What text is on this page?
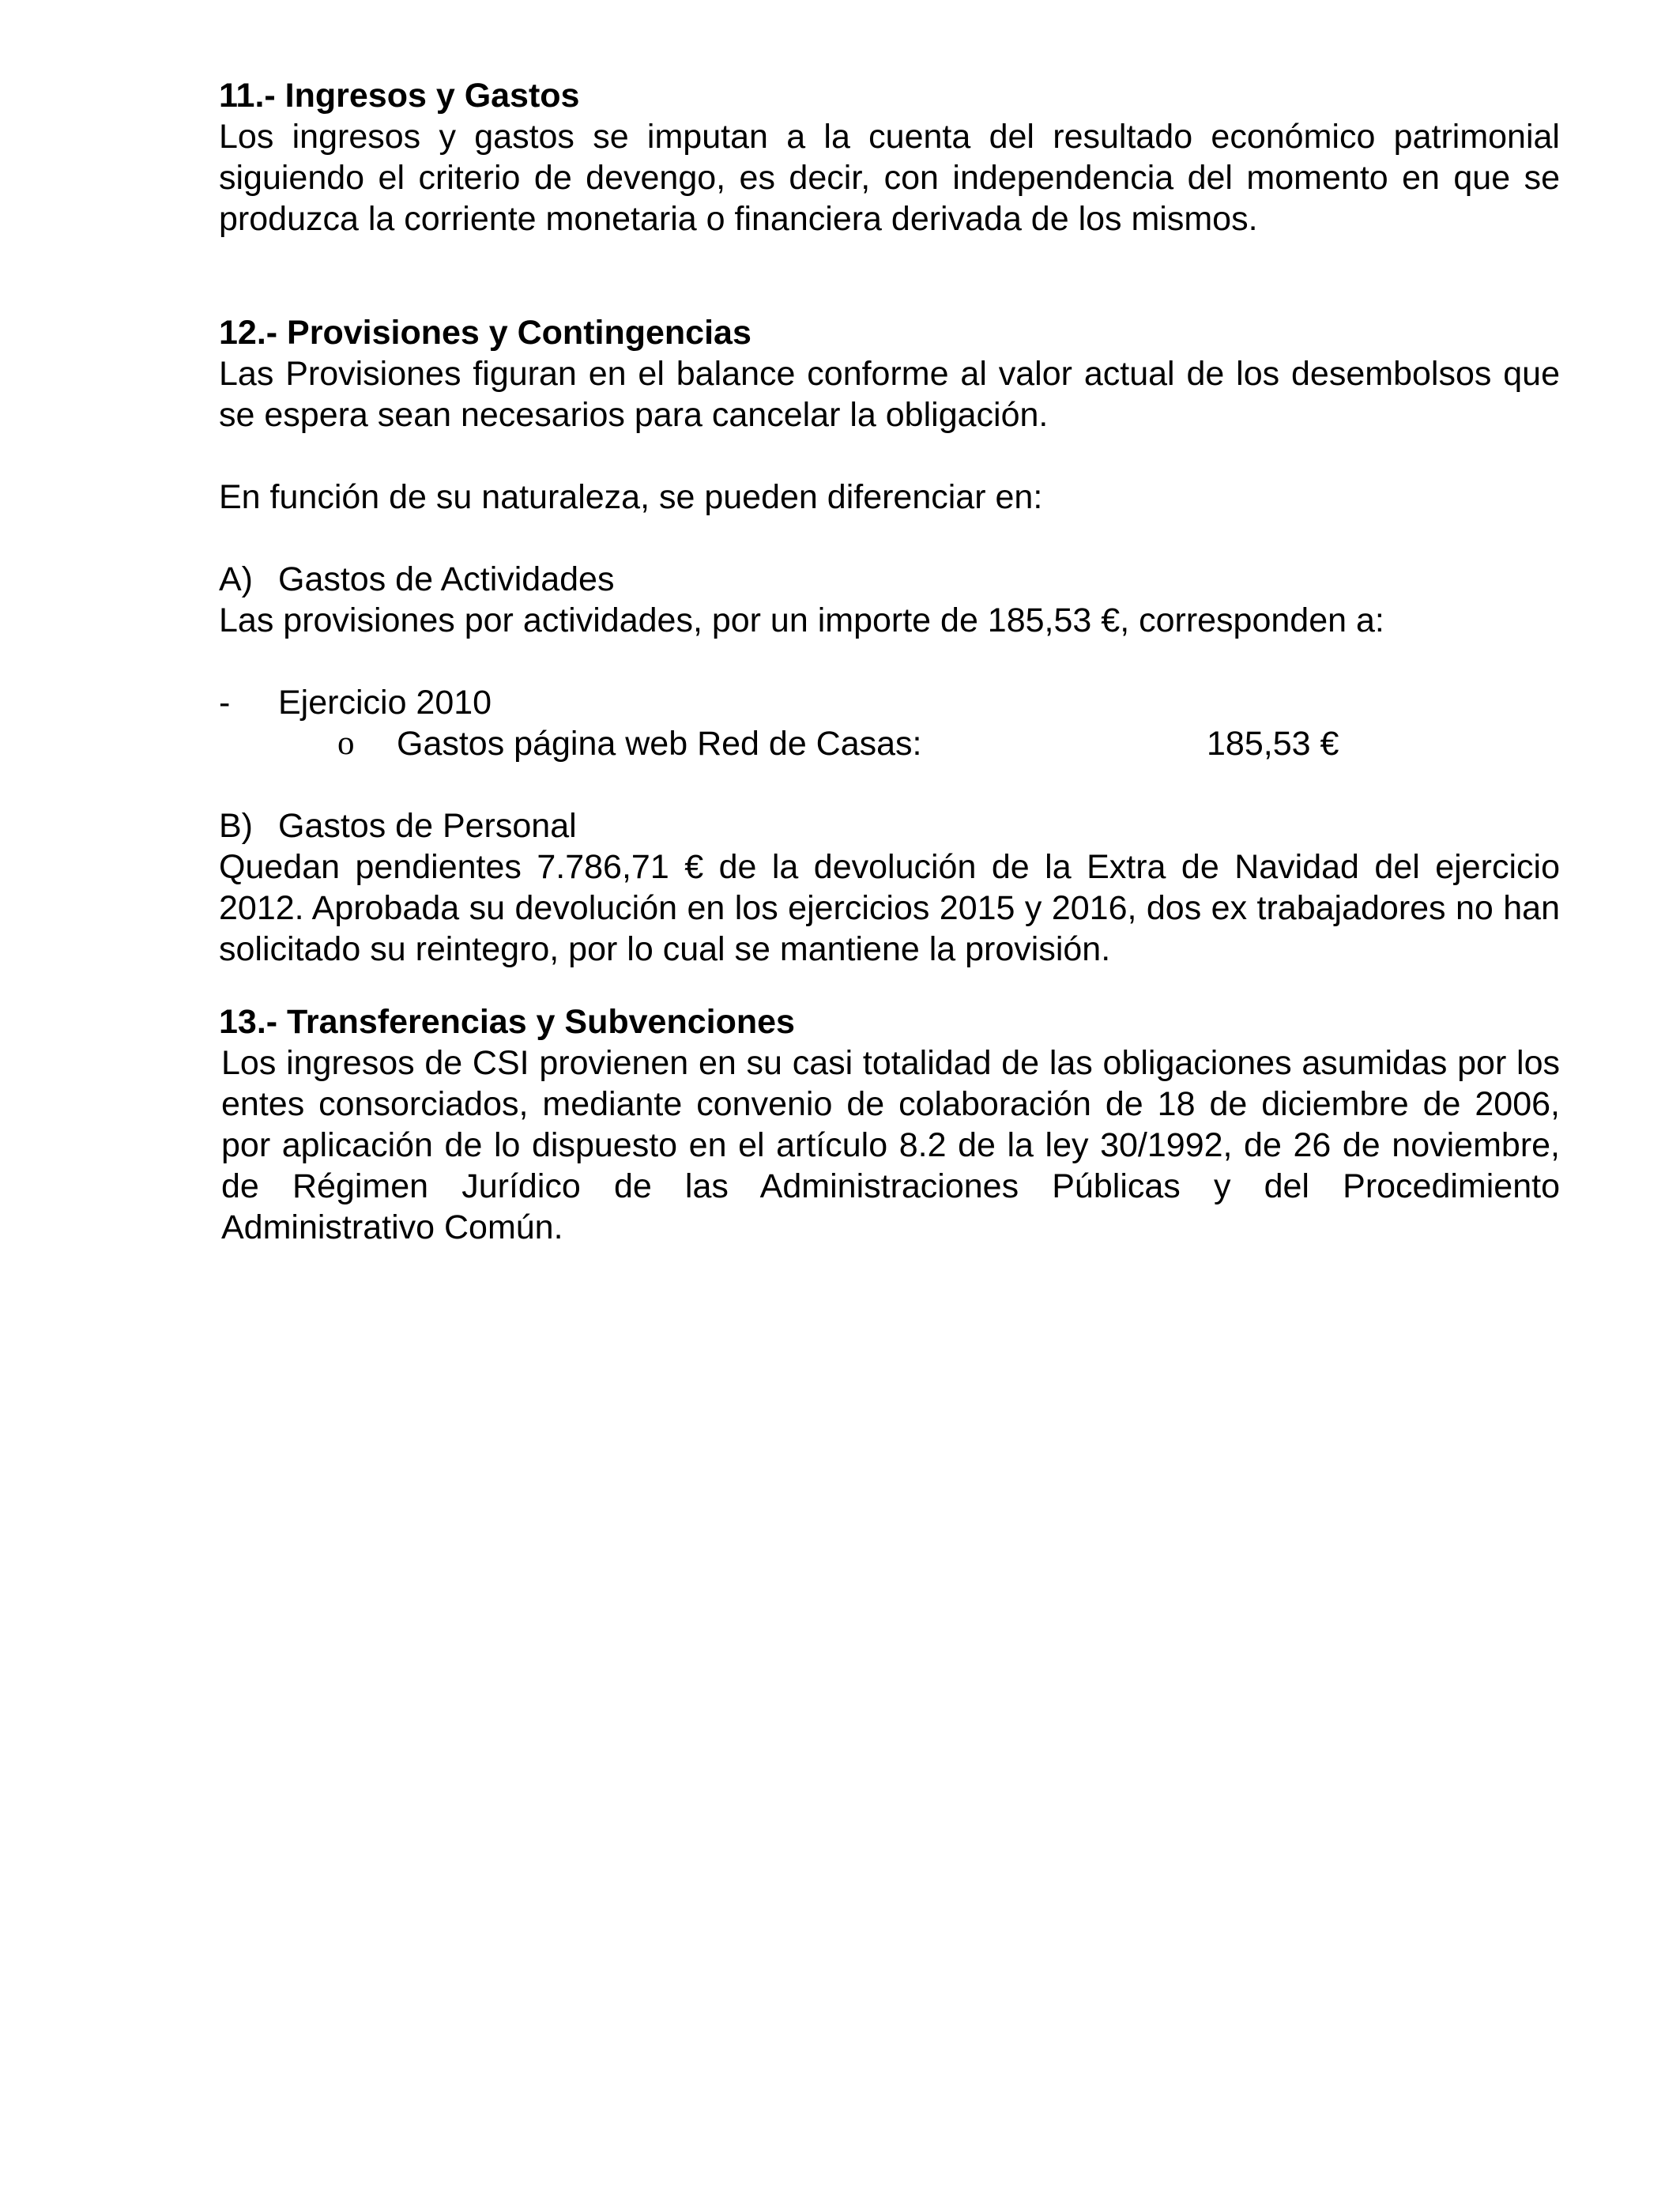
11.- Ingresos y Gastos

Los ingresos y gastos se imputan a la cuenta del resultado económico patrimonial siguiendo el criterio de devengo, es decir, con independencia del momento en que se produzca la corriente monetaria o financiera derivada de los mismos.

12.- Provisiones y Contingencias

Las Provisiones figuran en el balance conforme al valor actual de los desembolsos que se espera sean necesarios para cancelar la obligación.

En función de su naturaleza, se pueden diferenciar en:

A) Gastos de Actividades

Las provisiones por actividades, por un importe de 185,53 €, corresponden a:

-	Ejercicio 2010

o	Gastos página web Red de Casas:	185,53 €

B) Gastos de Personal

Quedan pendientes 7.786,71 € de la devolución de la Extra de Navidad del ejercicio 2012. Aprobada su devolución en los ejercicios 2015 y 2016, dos ex trabajadores no han solicitado su reintegro, por lo cual se mantiene la provisión.

13.- Transferencias y Subvenciones

Los ingresos de CSI provienen en su casi totalidad de las obligaciones asumidas por los entes consorciados, mediante convenio de colaboración de 18 de diciembre de 2006, por aplicación de lo dispuesto en el artículo 8.2 de la ley 30/1992, de 26 de noviembre, de Régimen Jurídico de las Administraciones Públicas y del Procedimiento Administrativo Común.
